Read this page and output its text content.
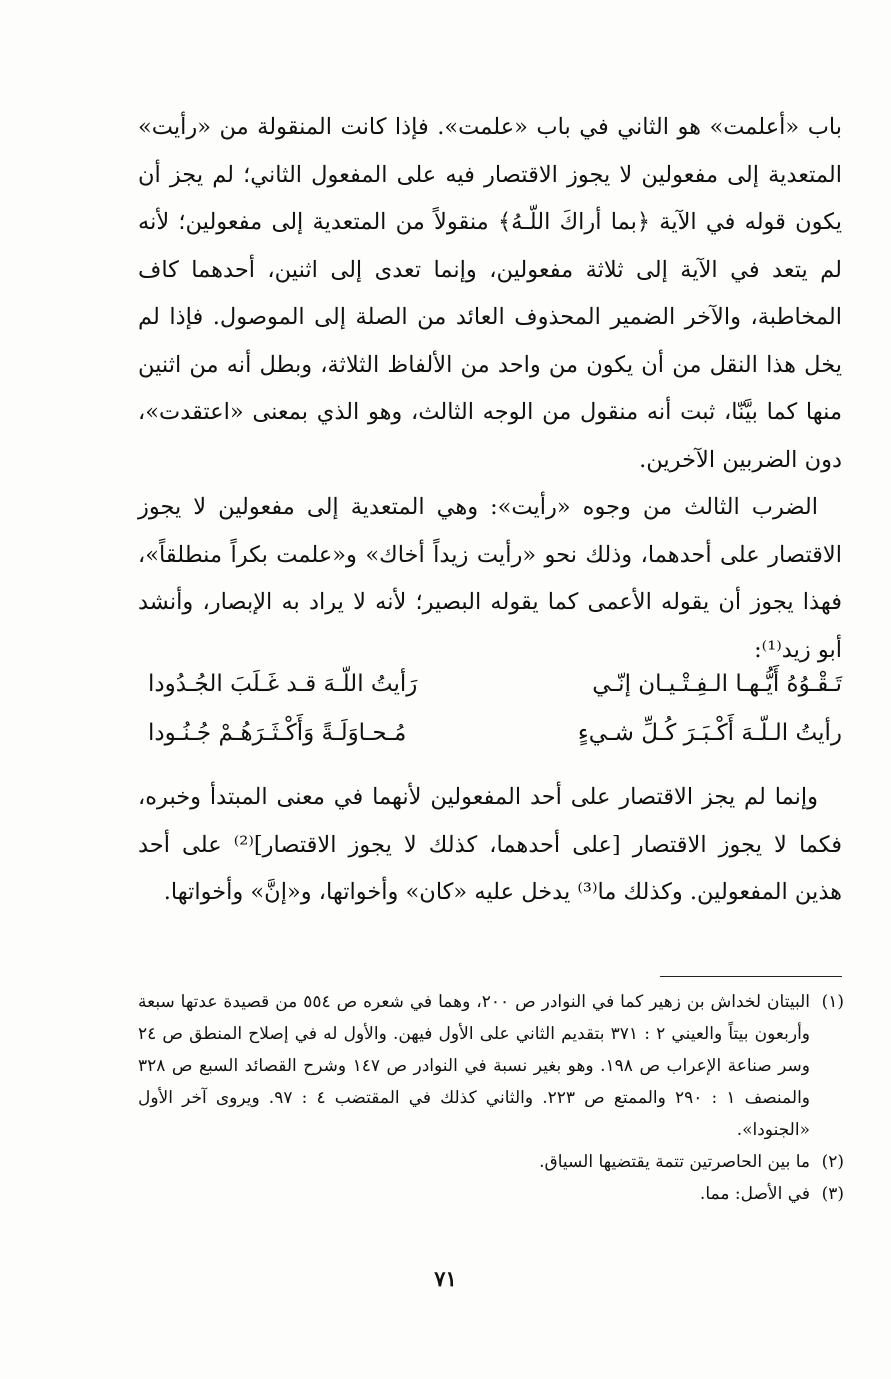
باب «أعلمت» هو الثاني في باب «علمت». فإذا كانت المنقولة من «رأيت» المتعدية إلى مفعولين لا يجوز الاقتصار فيه على المفعول الثاني؛ لم يجز أن يكون قوله في الآية ﴿بما أراكَ اللّـهُ﴾ منقولاً من المتعدية إلى مفعولين؛ لأنه لم يتعد في الآية إلى ثلاثة مفعولين، وإنما تعدى إلى اثنين، أحدهما كاف المخاطبة، والآخر الضمير المحذوف العائد من الصلة إلى الموصول. فإذا لم يخل هذا النقل من أن يكون من واحد من الألفاظ الثلاثة، وبطل أنه من اثنين منها كما بيَّنّا، ثبت أنه منقول من الوجه الثالث، وهو الذي بمعنى «اعتقدت»، دون الضربين الآخرين.

الضرب الثالث من وجوه «رأيت»: وهي المتعدية إلى مفعولين لا يجوز الاقتصار على أحدهما، وذلك نحو «رأيت زيداً أخاك» و«علمت بكراً منطلقاً»، فهذا يجوز أن يقوله الأعمى كما يقوله البصير؛ لأنه لا يراد به الإبصار، وأنشد أبو زيد⁽¹⁾:

تَـقْـوُهُ أَيُّـهـا الـفِـتْـيـان إنّـي
رَأيتُ اللّـهَ قـد غَـلَبَ الجُـدُودا
رأيتُ الـلّـهَ أَكْـبَـرَ كُـلِّ شـيءٍ
مُـحـاوَلَـةً وَأَكْـثَـرَهُـمْ جُـنُـودا

وإنما لم يجز الاقتصار على أحد المفعولين لأنهما في معنى المبتدأ وخبره، فكما لا يجوز الاقتصار [على أحدهما، كذلك لا يجوز الاقتصار]⁽²⁾ على أحد هذين المفعولين. وكذلك ما⁽³⁾ يدخل عليه «كان» وأخواتها، و«إنَّ» وأخواتها.

(١)
البيتان لخداش بن زهير كما في النوادر ص ٢٠٠، وهما في شعره ص ٥٥٤ من قصيدة عدتها سبعة وأربعون بيتاً والعيني ٢ : ٣٧١ بتقديم الثاني على الأول فيهن. والأول له في إصلاح المنطق ص ٢٤ وسر صناعة الإعراب ص ١٩٨. وهو بغير نسبة في النوادر ص ١٤٧ وشرح القصائد السبع ص ٣٢٨ والمنصف ١ : ٢٩٠ والممتع ص ٢٢٣. والثاني كذلك في المقتضب ٤ : ٩٧. ويروى آخر الأول «الجنودا».
(٢)
ما بين الحاصرتين تتمة يقتضيها السياق.
(٣)
في الأصل: مما.
٧١
